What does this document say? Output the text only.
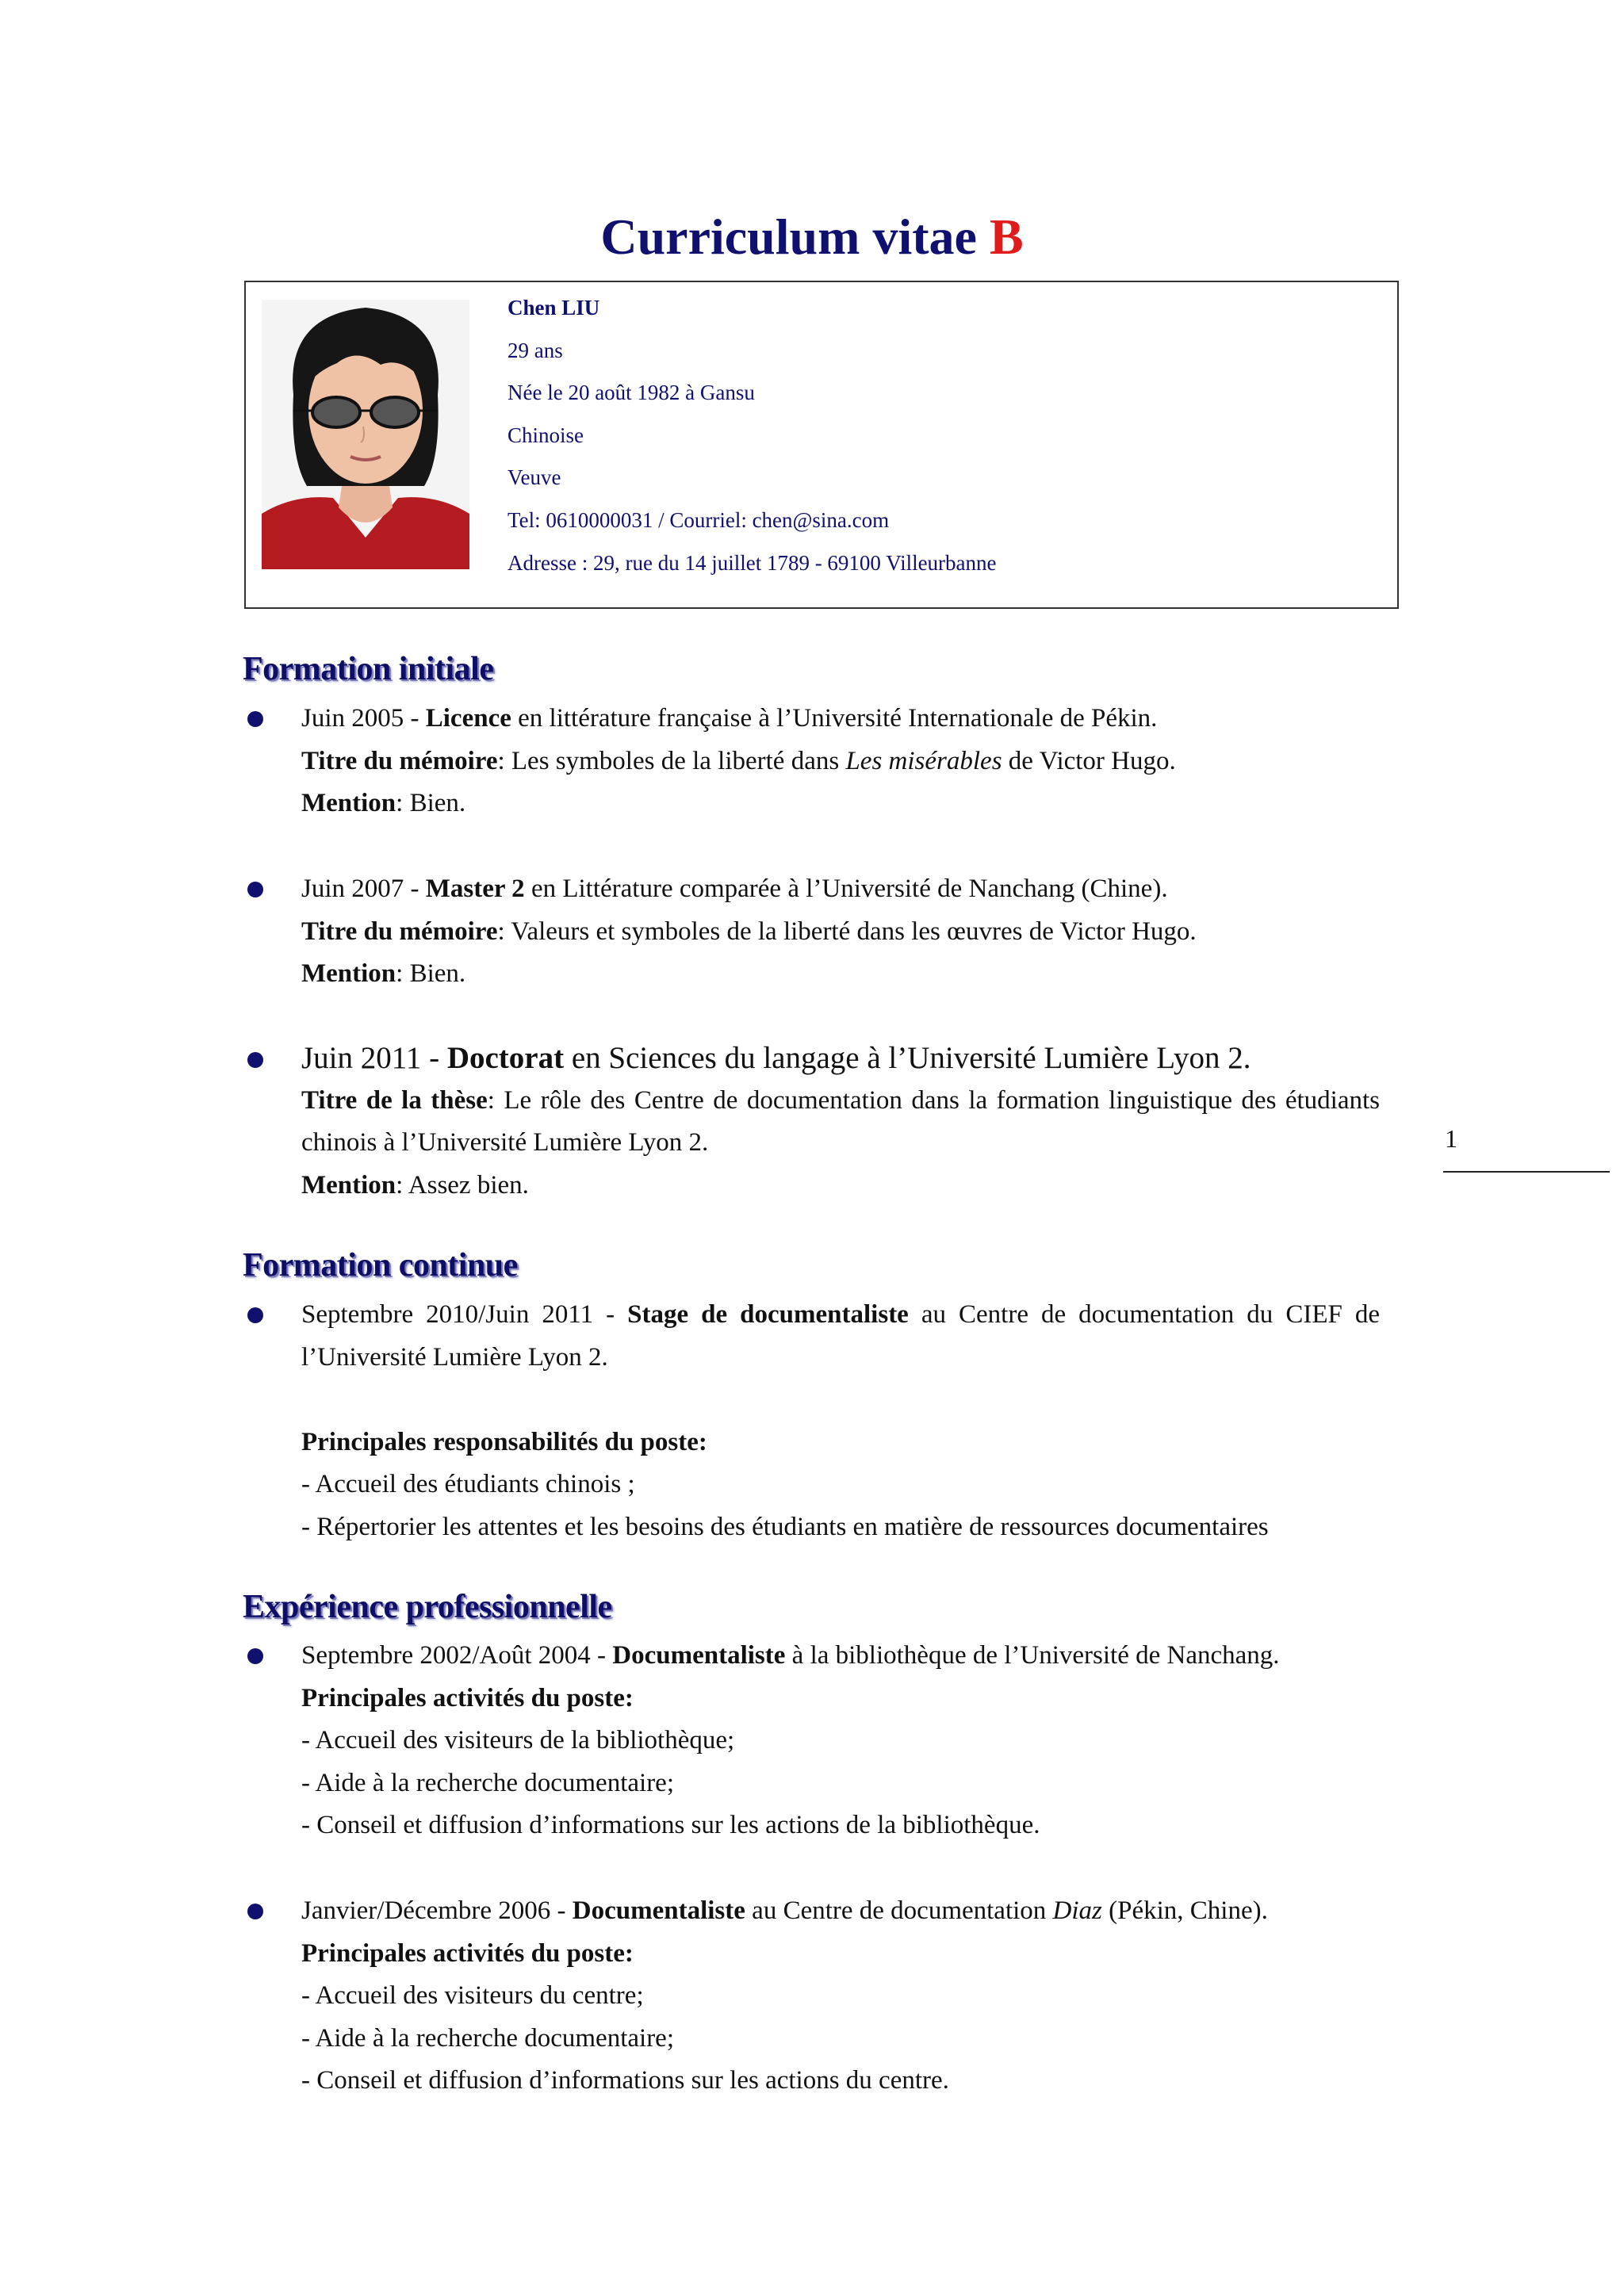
Curriculum vitae B
Chen LIU
29 ans
Née le 20 août 1982 à Gansu
Chinoise
Veuve
Tel: 0610000031 / Courriel: chen@sina.com
Adresse : 29, rue du 14 juillet 1789 - 69100 Villeurbanne
Formation initiale

Juin 2005 - Licence en littérature française à l’Université Internationale de Pékin.

Titre du mémoire: Les symboles de la liberté dans Les misérables de Victor Hugo.

Mention: Bien.

Juin 2007 - Master 2 en Littérature comparée à l’Université de Nanchang (Chine).

Titre du mémoire: Valeurs et symboles de la liberté dans les œuvres de Victor Hugo.

Mention: Bien.

Juin 2011 - Doctorat en Sciences du langage à l’Université Lumière Lyon 2.

Titre de la thèse: Le rôle des Centre de documentation dans la formation linguistique des étudiants chinois à l’Université Lumière Lyon 2.

Mention: Assez bien.

1
Formation continue

Septembre 2010/Juin 2011 - Stage de documentaliste au Centre de documentation du CIEF de l’Université Lumière Lyon 2.

Principales responsabilités du poste:

- Accueil des étudiants chinois ;

- Répertorier les attentes et les besoins des étudiants en matière de ressources documentaires

Expérience professionnelle

Septembre 2002/Août 2004 - Documentaliste à la bibliothèque de l’Université de Nanchang.

Principales activités du poste:

- Accueil des visiteurs de la bibliothèque;

- Aide à la recherche documentaire;

- Conseil et diffusion d’informations sur les actions de la bibliothèque.

Janvier/Décembre 2006 - Documentaliste au Centre de documentation Diaz (Pékin, Chine).

Principales activités du poste:

- Accueil des visiteurs du centre;

- Aide à la recherche documentaire;

- Conseil et diffusion d’informations sur les actions du centre.
